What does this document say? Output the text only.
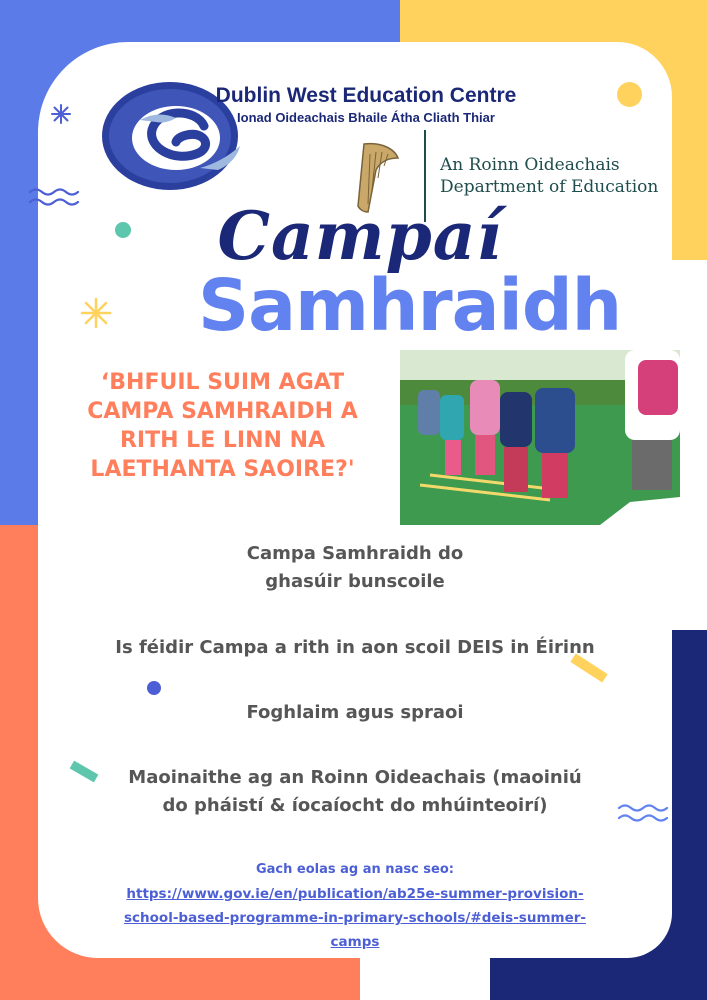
Dublin West Education Centre
Ionad Oideachais Bhaile Átha Cliath Thiar
An Roinn Oideachais
Department of Education
Campaí
Samhraidh
‘BHFUIL SUIM AGAT
CAMPA SAMHRAIDH A
RITH LE LINN NA
LAETHANTA SAOIRE?'
Campa Samhraidh do
ghasúir bunscoile
Is féidir Campa a rith in aon scoil DEIS in Éirinn
Foghlaim agus spraoi
Maoinaithe ag an Roinn Oideachais (maoiniú
do pháistí & íocaíocht do mhúinteoirí)
Gach eolas ag an nasc seo:
https://www.gov.ie/en/publication/ab25e-summer-provision-
school-based-programme-in-primary-schools/#deis-summer-
camps
